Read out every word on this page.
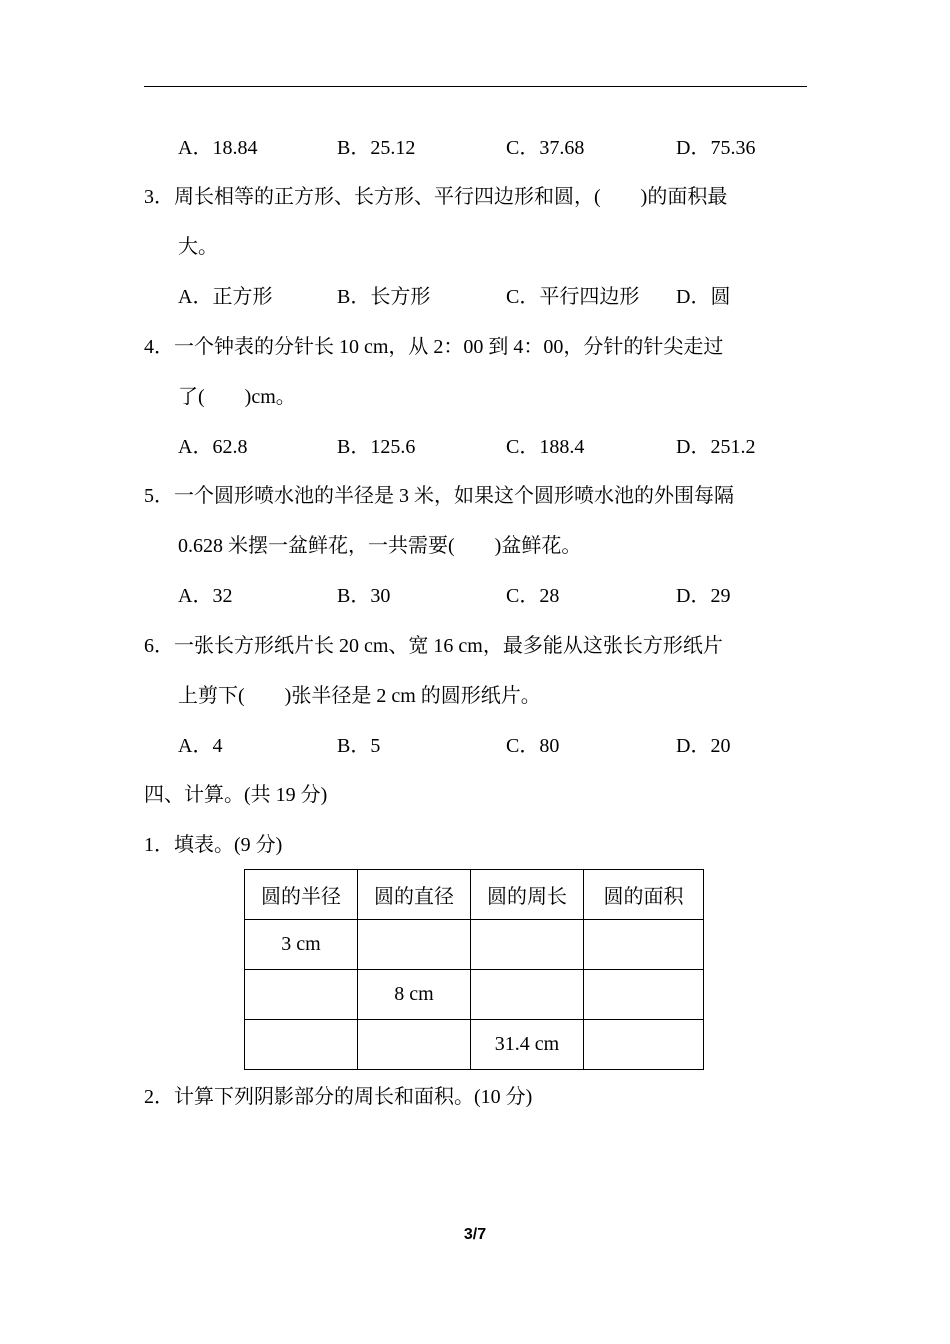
A．18.84	B．25.12	C．37.68	D．75.36
3．周长相等的正方形、长方形、平行四边形和圆，(　　)的面积最
大。
A．正方形	B．长方形	C．平行四边形 D．圆
4．一个钟表的分针长 10 cm，从 2：00 到 4：00，分针的针尖走过
了(　　)cm。
A．62.8	B．125.6	C．188.4	D．251.2
5．一个圆形喷水池的半径是 3 米，如果这个圆形喷水池的外围每隔
0.628 米摆一盆鲜花，一共需要(　　)盆鲜花。
A．32	B．30	C．28	D．29
6．一张长方形纸片长 20 cm、宽 16 cm，最多能从这张长方形纸片
上剪下(　　)张半径是 2 cm 的圆形纸片。
A．4	B．5	C．80	D．20
四、计算。(共 19 分)
1．填表。(9 分)
圆的半径	圆的直径	圆的周长	圆的面积
3 cm			
	8 cm		
		31.4 cm	
2．计算下列阴影部分的周长和面积。(10 分)
3/7
